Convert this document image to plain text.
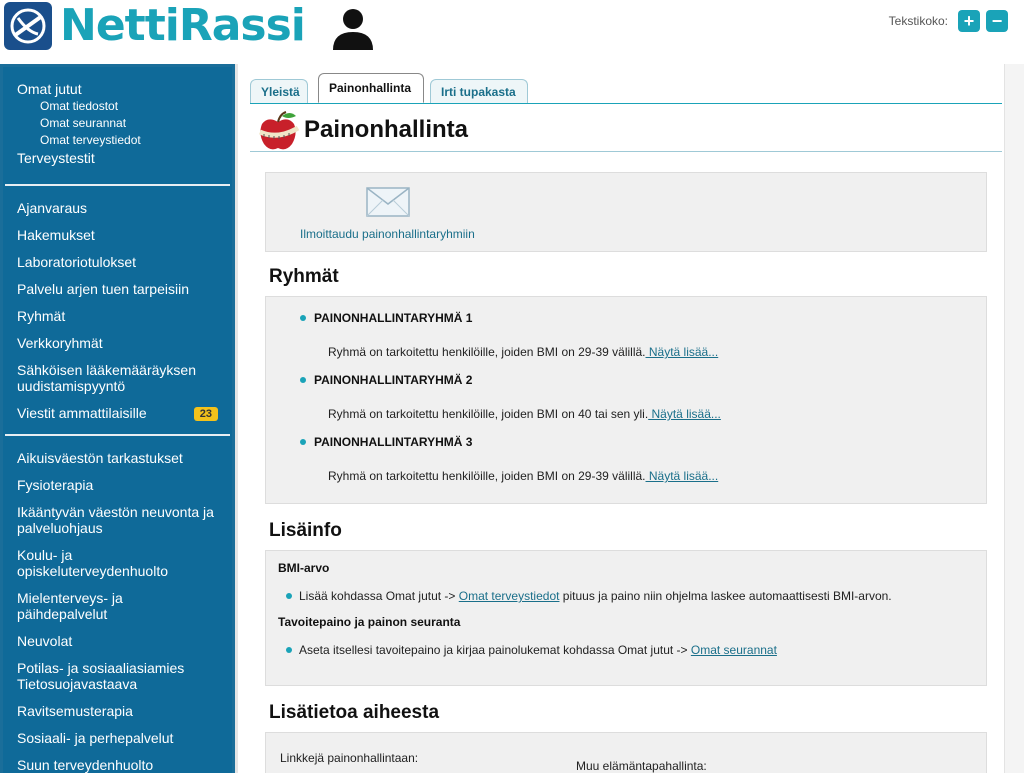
NettiRassi	Tekstikoko: + −
Omat jutut
Omat tiedostot
Omat seurannat
Omat terveystiedot
Terveystestit
Ajanvaraus
Hakemukset
Laboratoriotulokset
Palvelu arjen tuen tarpeisiin
Ryhmät
Verkkoryhmät
Sähköisen lääkemääräyksen uudistamispyyntö
Viestit ammattilaisille	23
Aikuisväestön tarkastukset
Fysioterapia
Ikääntyvän väestön neuvonta ja palveluohjaus
Koulu- ja opiskeluterveydenhuolto
Mielenterveys- ja päihdepalvelut
Neuvolat
Potilas- ja sosiaaliasiamies Tietosuojavastaava
Ravitsemusterapia
Sosiaali- ja perhepalvelut
Suun terveydenhuolto
Yleistä	Painonhallinta	Irti tupakasta
Painonhallinta
Ilmoittaudu painonhallintaryhmiin
Ryhmät
PAINONHALLINTARYHMÄ 1
Ryhmä on tarkoitettu henkilöille, joiden BMI on 29-39 välillä. Näytä lisää...
PAINONHALLINTARYHMÄ 2
Ryhmä on tarkoitettu henkilöille, joiden BMI on 40 tai sen yli. Näytä lisää...
PAINONHALLINTARYHMÄ 3
Ryhmä on tarkoitettu henkilöille, joiden BMI on 29-39 välillä. Näytä lisää...
Lisäinfo
BMI-arvo
Lisää kohdassa Omat jutut -> Omat terveystiedot pituus ja paino niin ohjelma laskee automaattisesti BMI-arvon.
Tavoitepaino ja painon seuranta
Aseta itsellesi tavoitepaino ja kirjaa painolukemat kohdassa Omat jutut -> Omat seurannat
Lisätietoa aiheesta
Linkkejä painonhallintaan:
Muu elämäntapahallinta:
